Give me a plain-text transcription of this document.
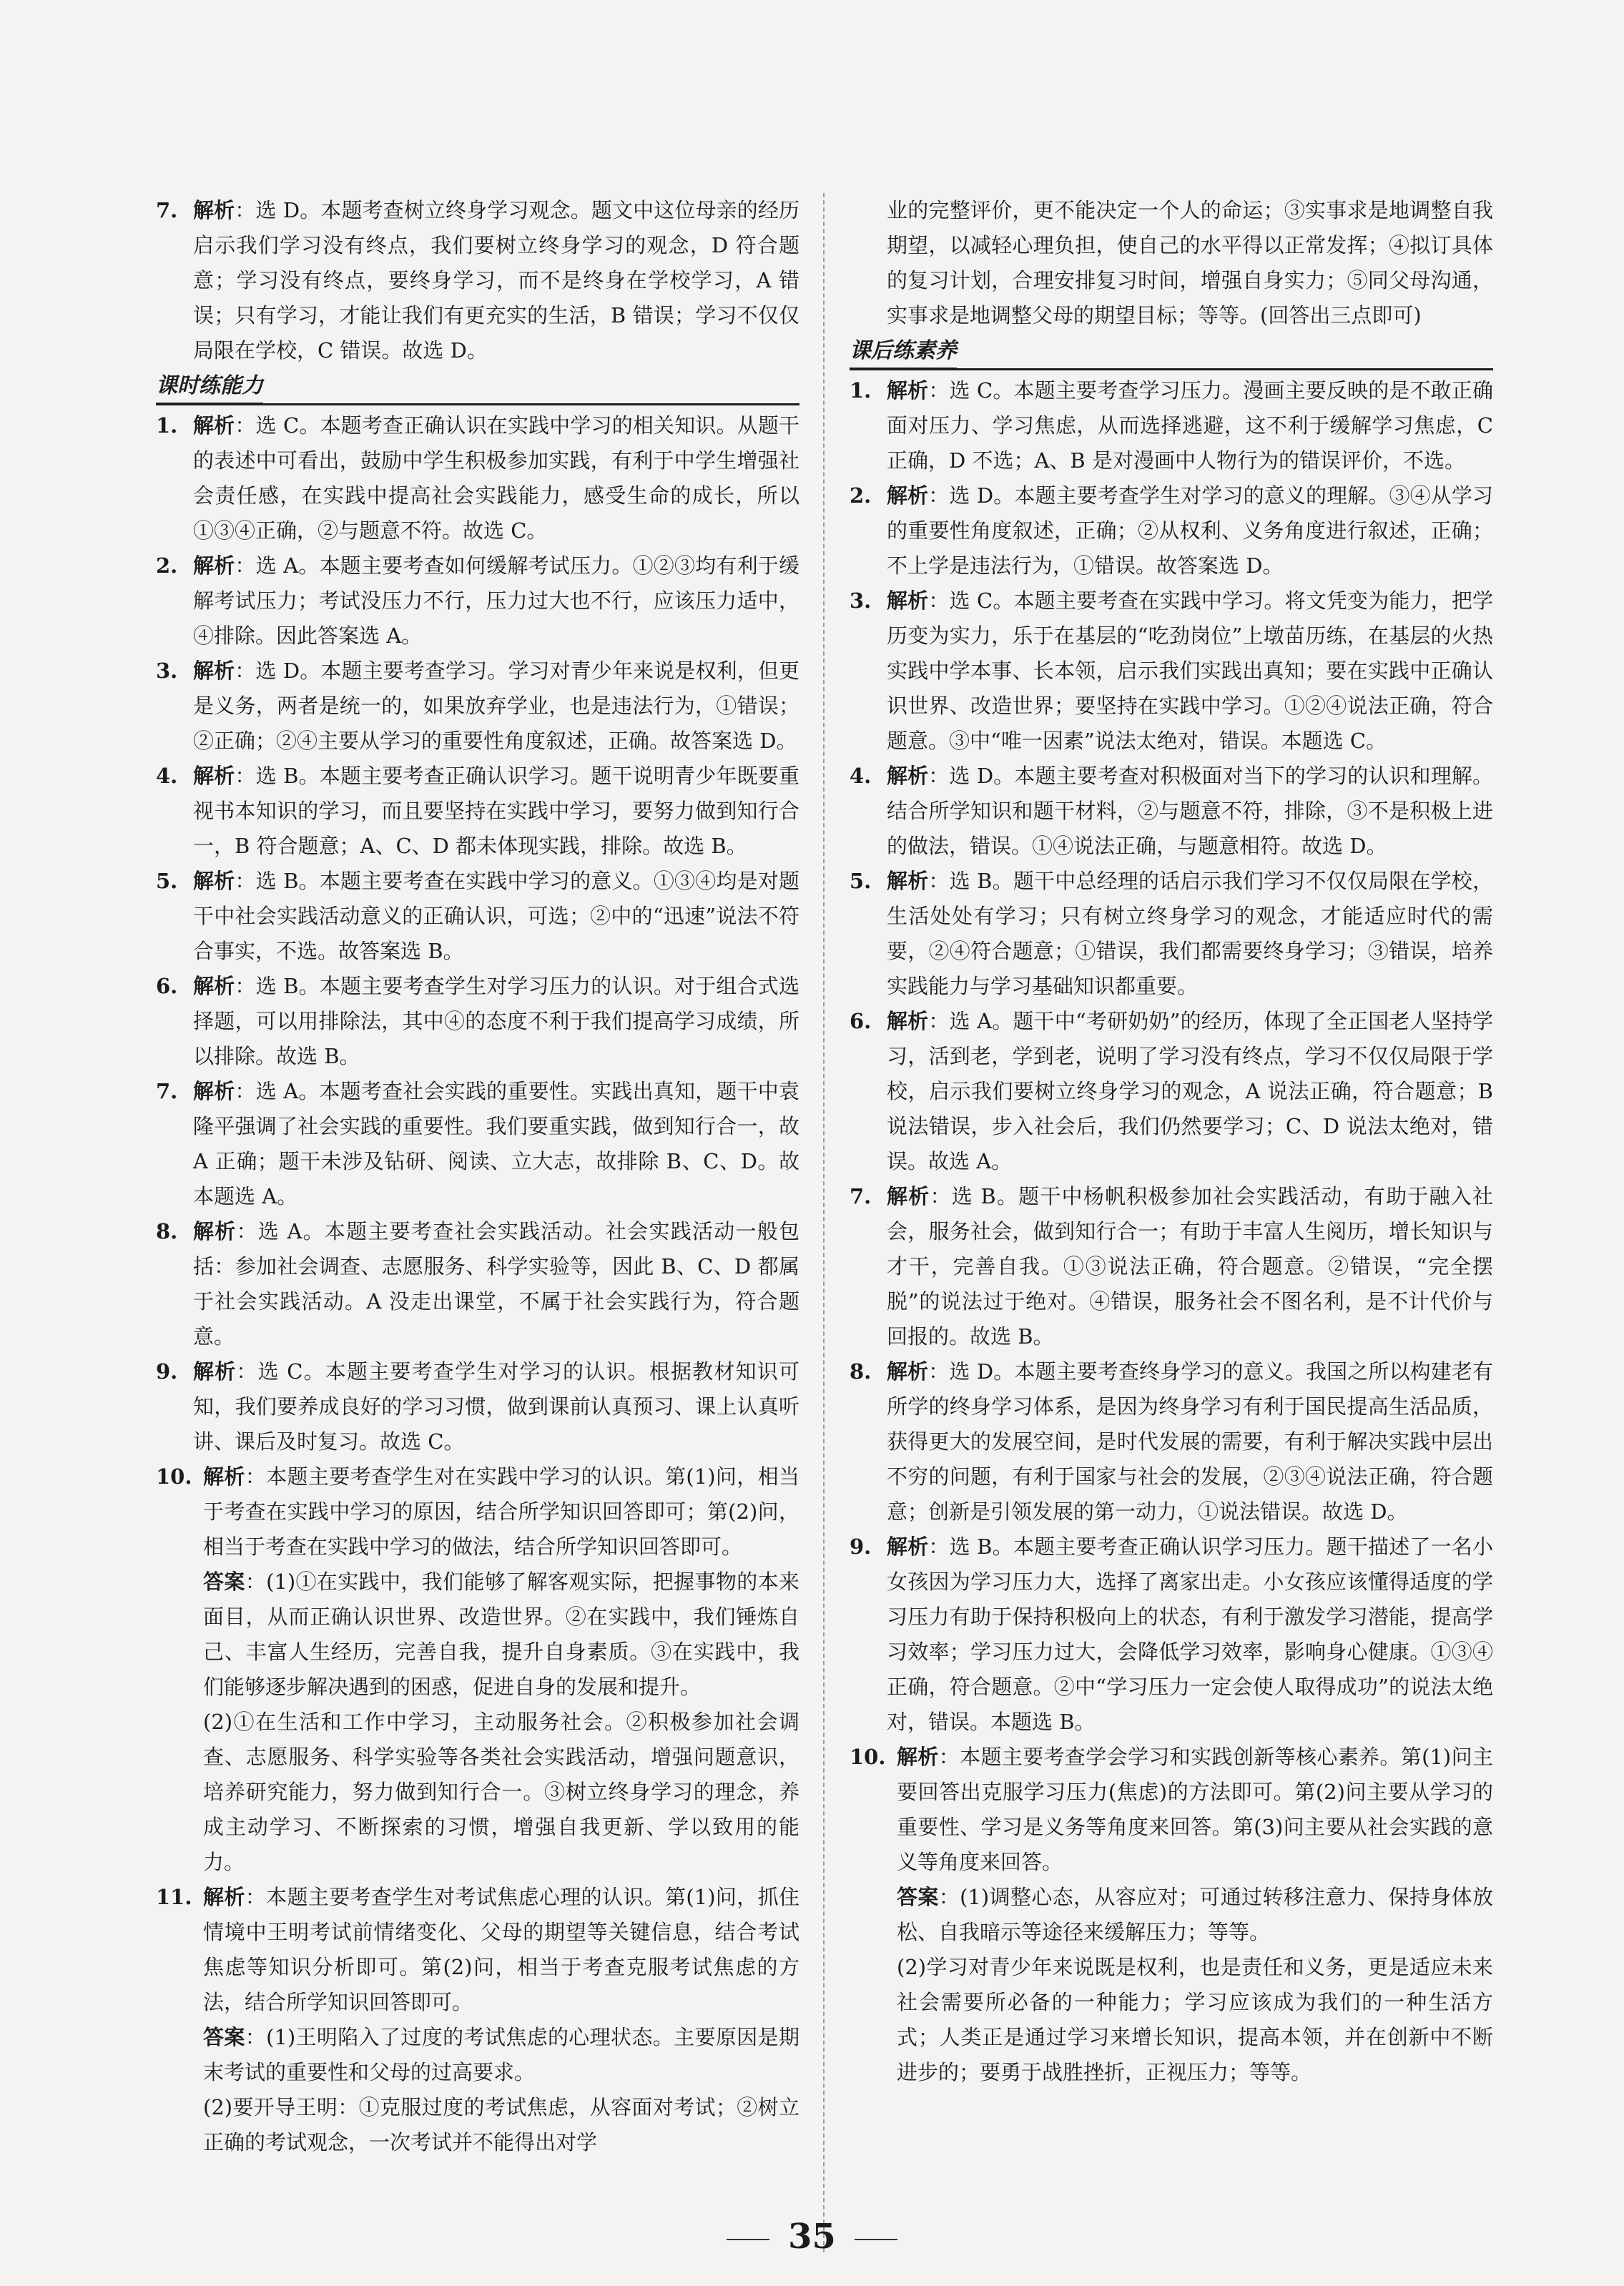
7. 解析：选 D。本题考查树立终身学习观念。题文中这位母亲的经历启示我们学习没有终点，我们要树立终身学习的观念，D 符合题意；学习没有终点，要终身学习，而不是终身在学校学习，A 错误；只有学习，才能让我们有更充实的生活，B 错误；学习不仅仅局限在学校，C 错误。故选 D。
课时练能力
1. 解析：选 C。本题考查正确认识在实践中学习的相关知识。从题干的表述中可看出，鼓励中学生积极参加实践，有利于中学生增强社会责任感，在实践中提高社会实践能力，感受生命的成长，所以①③④正确，②与题意不符。故选 C。
2. 解析：选 A。本题主要考查如何缓解考试压力。①②③均有利于缓解考试压力；考试没压力不行，压力过大也不行，应该压力适中，④排除。因此答案选 A。
3. 解析：选 D。本题主要考查学习。学习对青少年来说是权利，但更是义务，两者是统一的，如果放弃学业，也是违法行为，①错误；②正确；②④主要从学习的重要性角度叙述，正确。故答案选 D。
4. 解析：选 B。本题主要考查正确认识学习。题干说明青少年既要重视书本知识的学习，而且要坚持在实践中学习，要努力做到知行合一，B 符合题意；A、C、D 都未体现实践，排除。故选 B。
5. 解析：选 B。本题主要考查在实践中学习的意义。①③④均是对题干中社会实践活动意义的正确认识，可选；②中的“迅速”说法不符合事实，不选。故答案选 B。
6. 解析：选 B。本题主要考查学生对学习压力的认识。对于组合式选择题，可以用排除法，其中④的态度不利于我们提高学习成绩，所以排除。故选 B。
7. 解析：选 A。本题考查社会实践的重要性。实践出真知，题干中袁隆平强调了社会实践的重要性。我们要重实践，做到知行合一，故 A 正确；题干未涉及钻研、阅读、立大志，故排除 B、C、D。故本题选 A。
8. 解析：选 A。本题主要考查社会实践活动。社会实践活动一般包括：参加社会调查、志愿服务、科学实验等，因此 B、C、D 都属于社会实践活动。A 没走出课堂，不属于社会实践行为，符合题意。
9. 解析：选 C。本题主要考查学生对学习的认识。根据教材知识可知，我们要养成良好的学习习惯，做到课前认真预习、课上认真听讲、课后及时复习。故选 C。
10. 解析：本题主要考查学生对在实践中学习的认识。第(1)问，相当于考查在实践中学习的原因，结合所学知识回答即可；第(2)问，相当于考查在实践中学习的做法，结合所学知识回答即可。
答案：(1)①在实践中，我们能够了解客观实际，把握事物的本来面目，从而正确认识世界、改造世界。②在实践中，我们锤炼自己、丰富人生经历，完善自我，提升自身素质。③在实践中，我们能够逐步解决遇到的困惑，促进自身的发展和提升。
(2)①在生活和工作中学习，主动服务社会。②积极参加社会调查、志愿服务、科学实验等各类社会实践活动，增强问题意识，培养研究能力，努力做到知行合一。③树立终身学习的理念，养成主动学习、不断探索的习惯，增强自我更新、学以致用的能力。
11. 解析：本题主要考查学生对考试焦虑心理的认识。第(1)问，抓住情境中王明考试前情绪变化、父母的期望等关键信息，结合考试焦虑等知识分析即可。第(2)问，相当于考查克服考试焦虑的方法，结合所学知识回答即可。
答案：(1)王明陷入了过度的考试焦虑的心理状态。主要原因是期末考试的重要性和父母的过高要求。
(2)要开导王明：①克服过度的考试焦虑，从容面对考试；②树立正确的考试观念，一次考试并不能得出对学
业的完整评价，更不能决定一个人的命运；③实事求是地调整自我期望，以减轻心理负担，使自己的水平得以正常发挥；④拟订具体的复习计划，合理安排复习时间，增强自身实力；⑤同父母沟通，实事求是地调整父母的期望目标；等等。(回答出三点即可)
课后练素养
1. 解析：选 C。本题主要考查学习压力。漫画主要反映的是不敢正确面对压力、学习焦虑，从而选择逃避，这不利于缓解学习焦虑，C 正确，D 不选；A、B 是对漫画中人物行为的错误评价，不选。
2. 解析：选 D。本题主要考查学生对学习的意义的理解。③④从学习的重要性角度叙述，正确；②从权利、义务角度进行叙述，正确；不上学是违法行为，①错误。故答案选 D。
3. 解析：选 C。本题主要考查在实践中学习。将文凭变为能力，把学历变为实力，乐于在基层的“吃劲岗位”上墩苗历练，在基层的火热实践中学本事、长本领，启示我们实践出真知；要在实践中正确认识世界、改造世界；要坚持在实践中学习。①②④说法正确，符合题意。③中“唯一因素”说法太绝对，错误。本题选 C。
4. 解析：选 D。本题主要考查对积极面对当下的学习的认识和理解。结合所学知识和题干材料，②与题意不符，排除，③不是积极上进的做法，错误。①④说法正确，与题意相符。故选 D。
5. 解析：选 B。题干中总经理的话启示我们学习不仅仅局限在学校，生活处处有学习；只有树立终身学习的观念，才能适应时代的需要，②④符合题意；①错误，我们都需要终身学习；③错误，培养实践能力与学习基础知识都重要。
6. 解析：选 A。题干中“考研奶奶”的经历，体现了全正国老人坚持学习，活到老，学到老，说明了学习没有终点，学习不仅仅局限于学校，启示我们要树立终身学习的观念，A 说法正确，符合题意；B 说法错误，步入社会后，我们仍然要学习；C、D 说法太绝对，错误。故选 A。
7. 解析：选 B。题干中杨帆积极参加社会实践活动，有助于融入社会，服务社会，做到知行合一；有助于丰富人生阅历，增长知识与才干，完善自我。①③说法正确，符合题意。②错误，“完全摆脱”的说法过于绝对。④错误，服务社会不图名利，是不计代价与回报的。故选 B。
8. 解析：选 D。本题主要考查终身学习的意义。我国之所以构建老有所学的终身学习体系，是因为终身学习有利于国民提高生活品质，获得更大的发展空间，是时代发展的需要，有利于解决实践中层出不穷的问题，有利于国家与社会的发展，②③④说法正确，符合题意；创新是引领发展的第一动力，①说法错误。故选 D。
9. 解析：选 B。本题主要考查正确认识学习压力。题干描述了一名小女孩因为学习压力大，选择了离家出走。小女孩应该懂得适度的学习压力有助于保持积极向上的状态，有利于激发学习潜能，提高学习效率；学习压力过大，会降低学习效率，影响身心健康。①③④正确，符合题意。②中“学习压力一定会使人取得成功”的说法太绝对，错误。本题选 B。
10. 解析：本题主要考查学会学习和实践创新等核心素养。第(1)问主要回答出克服学习压力(焦虑)的方法即可。第(2)问主要从学习的重要性、学习是义务等角度来回答。第(3)问主要从社会实践的意义等角度来回答。
答案：(1)调整心态，从容应对；可通过转移注意力、保持身体放松、自我暗示等途径来缓解压力；等等。
(2)学习对青少年来说既是权利，也是责任和义务，更是适应未来社会需要所必备的一种能力；学习应该成为我们的一种生活方式；人类正是通过学习来增长知识，提高本领，并在创新中不断进步的；要勇于战胜挫折，正视压力；等等。
35
